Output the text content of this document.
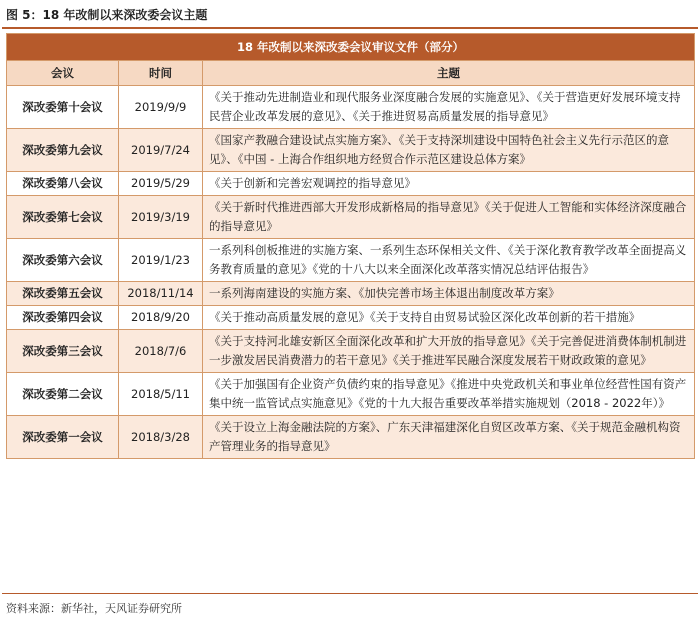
图 5：18 年改制以来深改委会议主题
18 年改制以来深改委会议审议文件（部分）		
会议	时间	主题
深改委第十会议	2019/9/9	《关于推动先进制造业和现代服务业深度融合发展的实施意见》、《关于营造更好发展环境支持民营企业改革发展的意见》、《关于推进贸易高质量发展的指导意见》
深改委第九会议	2019/7/24	《国家产教融合建设试点实施方案》、《关于支持深圳建设中国特色社会主义先行示范区的意见》、《中国 - 上海合作组织地方经贸合作示范区建设总体方案》
深改委第八会议	2019/5/29	《关于创新和完善宏观调控的指导意见》
深改委第七会议	2019/3/19	《关于新时代推进西部大开发形成新格局的指导意见》《关于促进人工智能和实体经济深度融合的指导意见》
深改委第六会议	2019/1/23	一系列科创板推进的实施方案、一系列生态环保相关文件、《关于深化教育教学改革全面提高义务教育质量的意见》《党的十八大以来全面深化改革落实情况总结评估报告》
深改委第五会议	2018/11/14	一系列海南建设的实施方案、《加快完善市场主体退出制度改革方案》
深改委第四会议	2018/9/20	《关于推动高质量发展的意见》《关于支持自由贸易试验区深化改革创新的若干措施》
深改委第三会议	2018/7/6	《关于支持河北雄安新区全面深化改革和扩大开放的指导意见》《关于完善促进消费体制机制进一步激发居民消费潜力的若干意见》《关于推进军民融合深度发展若干财政政策的意见》
深改委第二会议	2018/5/11	《关于加强国有企业资产负债约束的指导意见》《推进中央党政机关和事业单位经营性国有资产集中统一监管试点实施意见》《党的十九大报告重要改革举措实施规划（2018 - 2022年）》
深改委第一会议	2018/3/28	《关于设立上海金融法院的方案》、广东天津福建深化自贸区改革方案、《关于规范金融机构资产管理业务的指导意见》
资料来源：新华社，天风证券研究所
